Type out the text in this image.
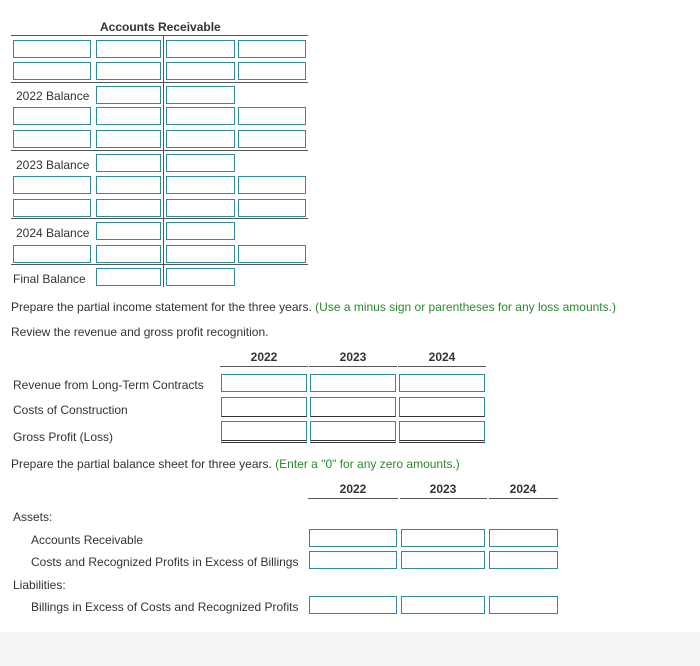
Accounts Receivable
2022 Balance
2023 Balance
2024 Balance
Final Balance
Prepare the partial income statement for the three years. (Use a minus sign or parentheses for any loss amounts.)
Review the revenue and gross profit recognition.
2022	2023	2024
Revenue from Long-Term Contracts
Costs of Construction
Gross Profit (Loss)
Prepare the partial balance sheet for three years. (Enter a "0" for any zero amounts.)
2022	2023	2024
Assets:
Accounts Receivable
Costs and Recognized Profits in Excess of Billings
Liabilities:
Billings in Excess of Costs and Recognized Profits
